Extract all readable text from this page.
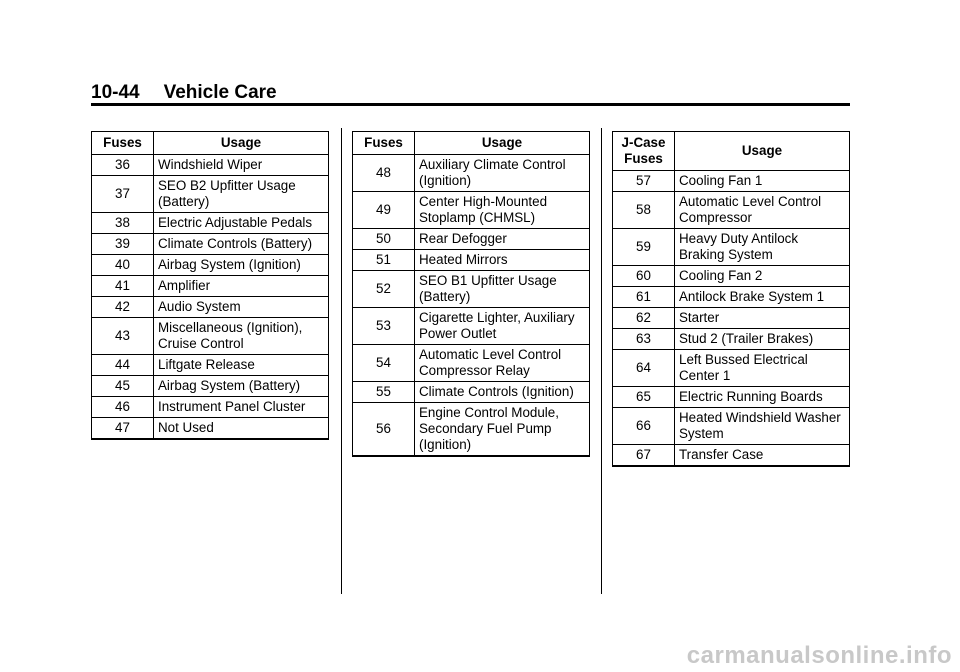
10-44 Vehicle Care
Fuses	Usage
36	Windshield Wiper
37	SEO B2 Upfitter Usage (Battery)
38	Electric Adjustable Pedals
39	Climate Controls (Battery)
40	Airbag System (Ignition)
41	Amplifier
42	Audio System
43	Miscellaneous (Ignition), Cruise Control
44	Liftgate Release
45	Airbag System (Battery)
46	Instrument Panel Cluster
47	Not Used
Fuses	Usage
48	Auxiliary Climate Control (Ignition)
49	Center High-Mounted Stoplamp (CHMSL)
50	Rear Defogger
51	Heated Mirrors
52	SEO B1 Upfitter Usage (Battery)
53	Cigarette Lighter, Auxiliary Power Outlet
54	Automatic Level Control Compressor Relay
55	Climate Controls (Ignition)
56	Engine Control Module, Secondary Fuel Pump (Ignition)
J-Case Fuses	Usage
57	Cooling Fan 1
58	Automatic Level Control Compressor
59	Heavy Duty Antilock Braking System
60	Cooling Fan 2
61	Antilock Brake System 1
62	Starter
63	Stud 2 (Trailer Brakes)
64	Left Bussed Electrical Center 1
65	Electric Running Boards
66	Heated Windshield Washer System
67	Transfer Case
carmanualsonline.info
